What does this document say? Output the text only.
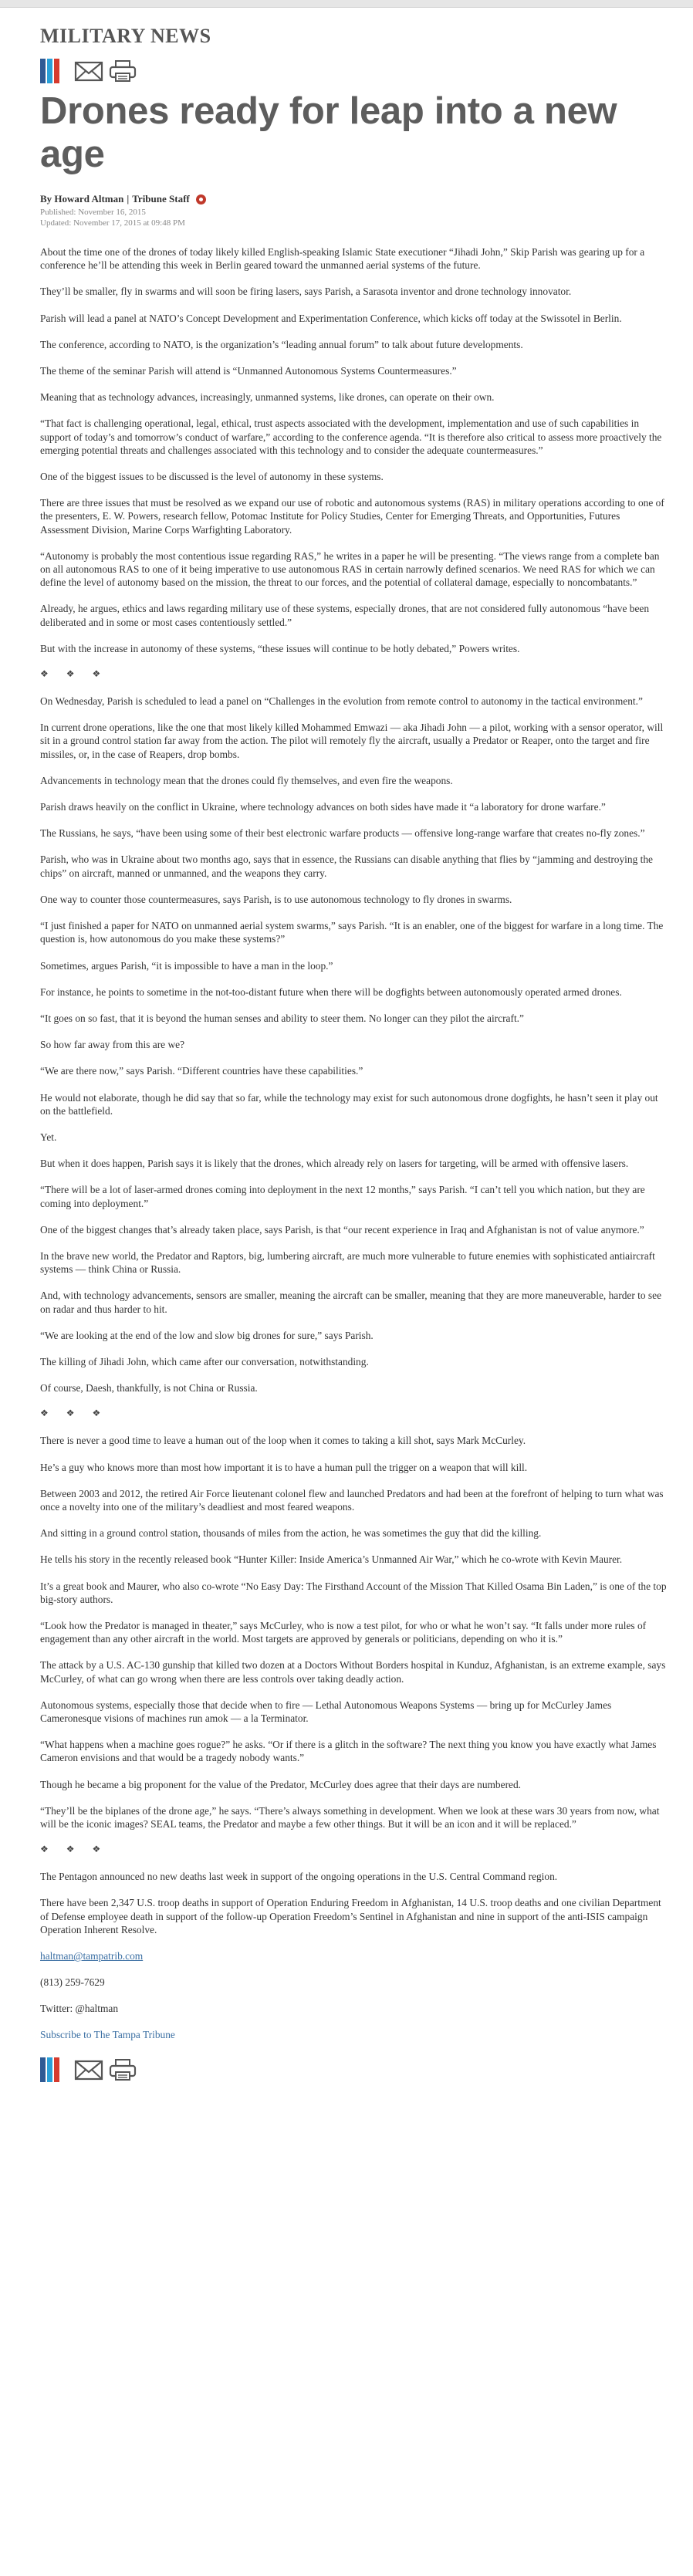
MILITARY NEWS
Drones ready for leap into a new age
By Howard Altman | Tribune Staff
Published: November 16, 2015
Updated: November 17, 2015 at 09:48 PM

About the time one of the drones of today likely killed English-speaking Islamic State executioner “Jihadi John,” Skip Parish was gearing up for a conference he’ll be attending this week in Berlin geared toward the unmanned aerial systems of the future.

They’ll be smaller, fly in swarms and will soon be firing lasers, says Parish, a Sarasota inventor and drone technology innovator.

Parish will lead a panel at NATO’s Concept Development and Experimentation Conference, which kicks off today at the Swissotel in Berlin.

The conference, according to NATO, is the organization’s “leading annual forum” to talk about future developments.

The theme of the seminar Parish will attend is “Unmanned Autonomous Systems Countermeasures.”

Meaning that as technology advances, increasingly, unmanned systems, like drones, can operate on their own.

“That fact is challenging operational, legal, ethical, trust aspects associated with the development, implementation and use of such capabilities in support of today’s and tomorrow’s conduct of warfare,” according to the conference agenda. “It is therefore also critical to assess more proactively the emerging potential threats and challenges associated with this technology and to consider the adequate countermeasures.”

One of the biggest issues to be discussed is the level of autonomy in these systems.

There are three issues that must be resolved as we expand our use of robotic and autonomous systems (RAS) in military operations according to one of the presenters, E. W. Powers, research fellow, Potomac Institute for Policy Studies, Center for Emerging Threats, and Opportunities, Futures Assessment Division, Marine Corps Warfighting Laboratory.

“Autonomy is probably the most contentious issue regarding RAS,” he writes in a paper he will be presenting. “The views range from a complete ban on all autonomous RAS to one of it being imperative to use autonomous RAS in certain narrowly defined scenarios. We need RAS for which we can define the level of autonomy based on the mission, the threat to our forces, and the potential of collateral damage, especially to noncombatants.”

Already, he argues, ethics and laws regarding military use of these systems, especially drones, that are not considered fully autonomous “have been deliberated and in some or most cases contentiously settled.”

But with the increase in autonomy of these systems, “these issues will continue to be hotly debated,” Powers writes.

❖ ❖ ❖

On Wednesday, Parish is scheduled to lead a panel on “Challenges in the evolution from remote control to autonomy in the tactical environment.”

In current drone operations, like the one that most likely killed Mohammed Emwazi — aka Jihadi John — a pilot, working with a sensor operator, will sit in a ground control station far away from the action. The pilot will remotely fly the aircraft, usually a Predator or Reaper, onto the target and fire missiles, or, in the case of Reapers, drop bombs.

Advancements in technology mean that the drones could fly themselves, and even fire the weapons.

Parish draws heavily on the conflict in Ukraine, where technology advances on both sides have made it “a laboratory for drone warfare.”

The Russians, he says, “have been using some of their best electronic warfare products — offensive long-range warfare that creates no-fly zones.”

Parish, who was in Ukraine about two months ago, says that in essence, the Russians can disable anything that flies by “jamming and destroying the chips” on aircraft, manned or unmanned, and the weapons they carry.

One way to counter those countermeasures, says Parish, is to use autonomous technology to fly drones in swarms.

“I just finished a paper for NATO on unmanned aerial system swarms,” says Parish. “It is an enabler, one of the biggest for warfare in a long time. The question is, how autonomous do you make these systems?”

Sometimes, argues Parish, “it is impossible to have a man in the loop.”

For instance, he points to sometime in the not-too-distant future when there will be dogfights between autonomously operated armed drones.

“It goes on so fast, that it is beyond the human senses and ability to steer them. No longer can they pilot the aircraft.”

So how far away from this are we?

“We are there now,” says Parish. “Different countries have these capabilities.”

He would not elaborate, though he did say that so far, while the technology may exist for such autonomous drone dogfights, he hasn’t seen it play out on the battlefield.

Yet.

But when it does happen, Parish says it is likely that the drones, which already rely on lasers for targeting, will be armed with offensive lasers.

“There will be a lot of laser-armed drones coming into deployment in the next 12 months,” says Parish. “I can’t tell you which nation, but they are coming into deployment.”

One of the biggest changes that’s already taken place, says Parish, is that “our recent experience in Iraq and Afghanistan is not of value anymore.”

In the brave new world, the Predator and Raptors, big, lumbering aircraft, are much more vulnerable to future enemies with sophisticated antiaircraft systems — think China or Russia.

And, with technology advancements, sensors are smaller, meaning the aircraft can be smaller, meaning that they are more maneuverable, harder to see on radar and thus harder to hit.

“We are looking at the end of the low and slow big drones for sure,” says Parish.

The killing of Jihadi John, which came after our conversation, notwithstanding.

Of course, Daesh, thankfully, is not China or Russia.

❖ ❖ ❖

There is never a good time to leave a human out of the loop when it comes to taking a kill shot, says Mark McCurley.

He’s a guy who knows more than most how important it is to have a human pull the trigger on a weapon that will kill.

Between 2003 and 2012, the retired Air Force lieutenant colonel flew and launched Predators and had been at the forefront of helping to turn what was once a novelty into one of the military’s deadliest and most feared weapons.

And sitting in a ground control station, thousands of miles from the action, he was sometimes the guy that did the killing.

He tells his story in the recently released book “Hunter Killer: Inside America’s Unmanned Air War,” which he co-wrote with Kevin Maurer.

It’s a great book and Maurer, who also co-wrote “No Easy Day: The Firsthand Account of the Mission That Killed Osama Bin Laden,” is one of the top big-story authors.

“Look how the Predator is managed in theater,” says McCurley, who is now a test pilot, for who or what he won’t say. “It falls under more rules of engagement than any other aircraft in the world. Most targets are approved by generals or politicians, depending on who it is.”

The attack by a U.S. AC-130 gunship that killed two dozen at a Doctors Without Borders hospital in Kunduz, Afghanistan, is an extreme example, says McCurley, of what can go wrong when there are less controls over taking deadly action.

Autonomous systems, especially those that decide when to fire — Lethal Autonomous Weapons Systems — bring up for McCurley James Cameronesque visions of machines run amok — a la Terminator.

“What happens when a machine goes rogue?” he asks. “Or if there is a glitch in the software? The next thing you know you have exactly what James Cameron envisions and that would be a tragedy nobody wants.”

Though he became a big proponent for the value of the Predator, McCurley does agree that their days are numbered.

“They’ll be the biplanes of the drone age,” he says. “There’s always something in development. When we look at these wars 30 years from now, what will be the iconic images? SEAL teams, the Predator and maybe a few other things. But it will be an icon and it will be replaced.”

❖ ❖ ❖

The Pentagon announced no new deaths last week in support of the ongoing operations in the U.S. Central Command region.

There have been 2,347 U.S. troop deaths in support of Operation Enduring Freedom in Afghanistan, 14 U.S. troop deaths and one civilian Department of Defense employee death in support of the follow-up Operation Freedom’s Sentinel in Afghanistan and nine in support of the anti-ISIS campaign Operation Inherent Resolve.

haltman@tampatrib.com

(813) 259-7629

Twitter: @haltman

Subscribe to The Tampa Tribune
